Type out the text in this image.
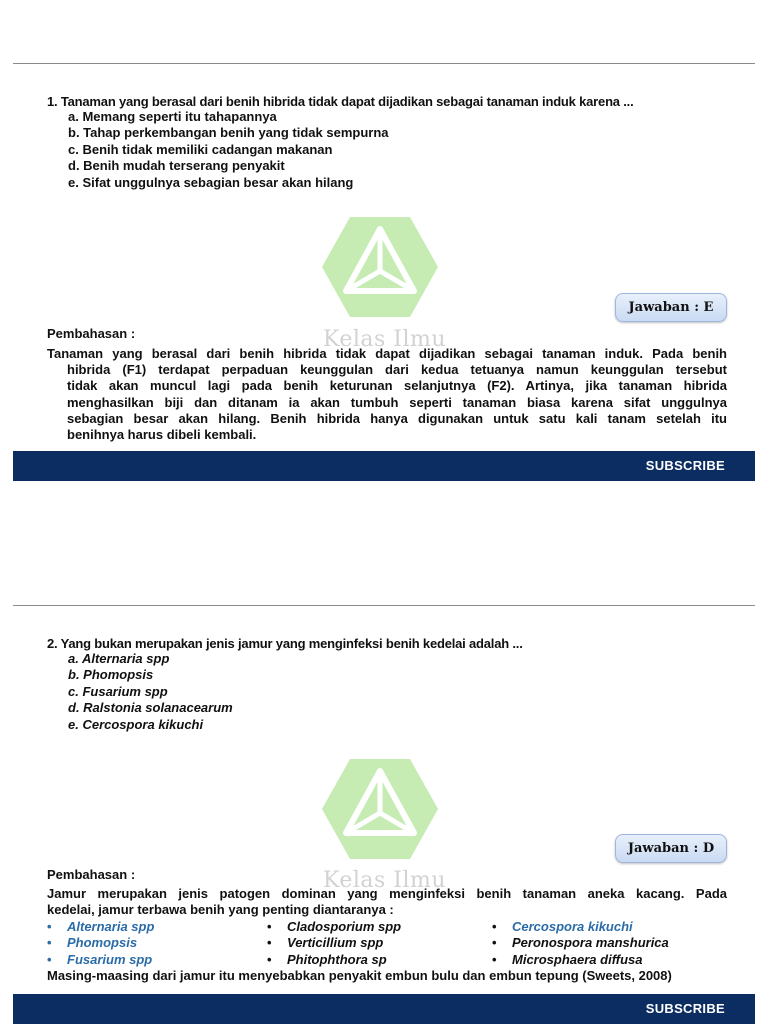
1. Tanaman yang berasal dari benih hibrida tidak dapat dijadikan sebagai tanaman induk karena ...
a. Memang seperti itu tahapannya
b. Tahap perkembangan benih yang tidak sempurna
c. Benih tidak memiliki cadangan makanan
d. Benih mudah terserang penyakit
e. Sifat unggulnya sebagian besar akan hilang
Jawaban : E
Pembahasan :	Kelas Ilmu
Tanaman yang berasal dari benih hibrida tidak dapat dijadikan sebagai tanaman induk. Pada benih
hibrida (F1) terdapat perpaduan keunggulan dari kedua tetuanya namun keunggulan tersebut
tidak akan muncul lagi pada benih keturunan selanjutnya (F2). Artinya, jika tanaman hibrida
menghasilkan biji dan ditanam ia akan tumbuh seperti tanaman biasa karena sifat unggulnya
sebagian besar akan hilang. Benih hibrida hanya digunakan untuk satu kali tanam setelah itu
benihnya harus dibeli kembali.
SUBSCRIBE
2. Yang bukan merupakan jenis jamur yang menginfeksi benih kedelai adalah ...
a. Alternaria spp
b. Phomopsis
c. Fusarium spp
d. Ralstonia solanacearum
e. Cercospora kikuchi
Jawaban : D
Pembahasan :	Kelas Ilmu
Jamur merupakan jenis patogen dominan yang menginfeksi benih tanaman aneka kacang. Pada
kedelai, jamur terbawa benih yang penting diantaranya :
• Alternaria spp
• Phomopsis
• Fusarium spp
• Cladosporium spp
• Verticillium spp
• Phitophthora sp
• Cercospora kikuchi
• Peronospora manshurica
• Microsphaera diffusa
Masing-maasing dari jamur itu menyebabkan penyakit embun bulu dan embun tepung (Sweets, 2008)
SUBSCRIBE
